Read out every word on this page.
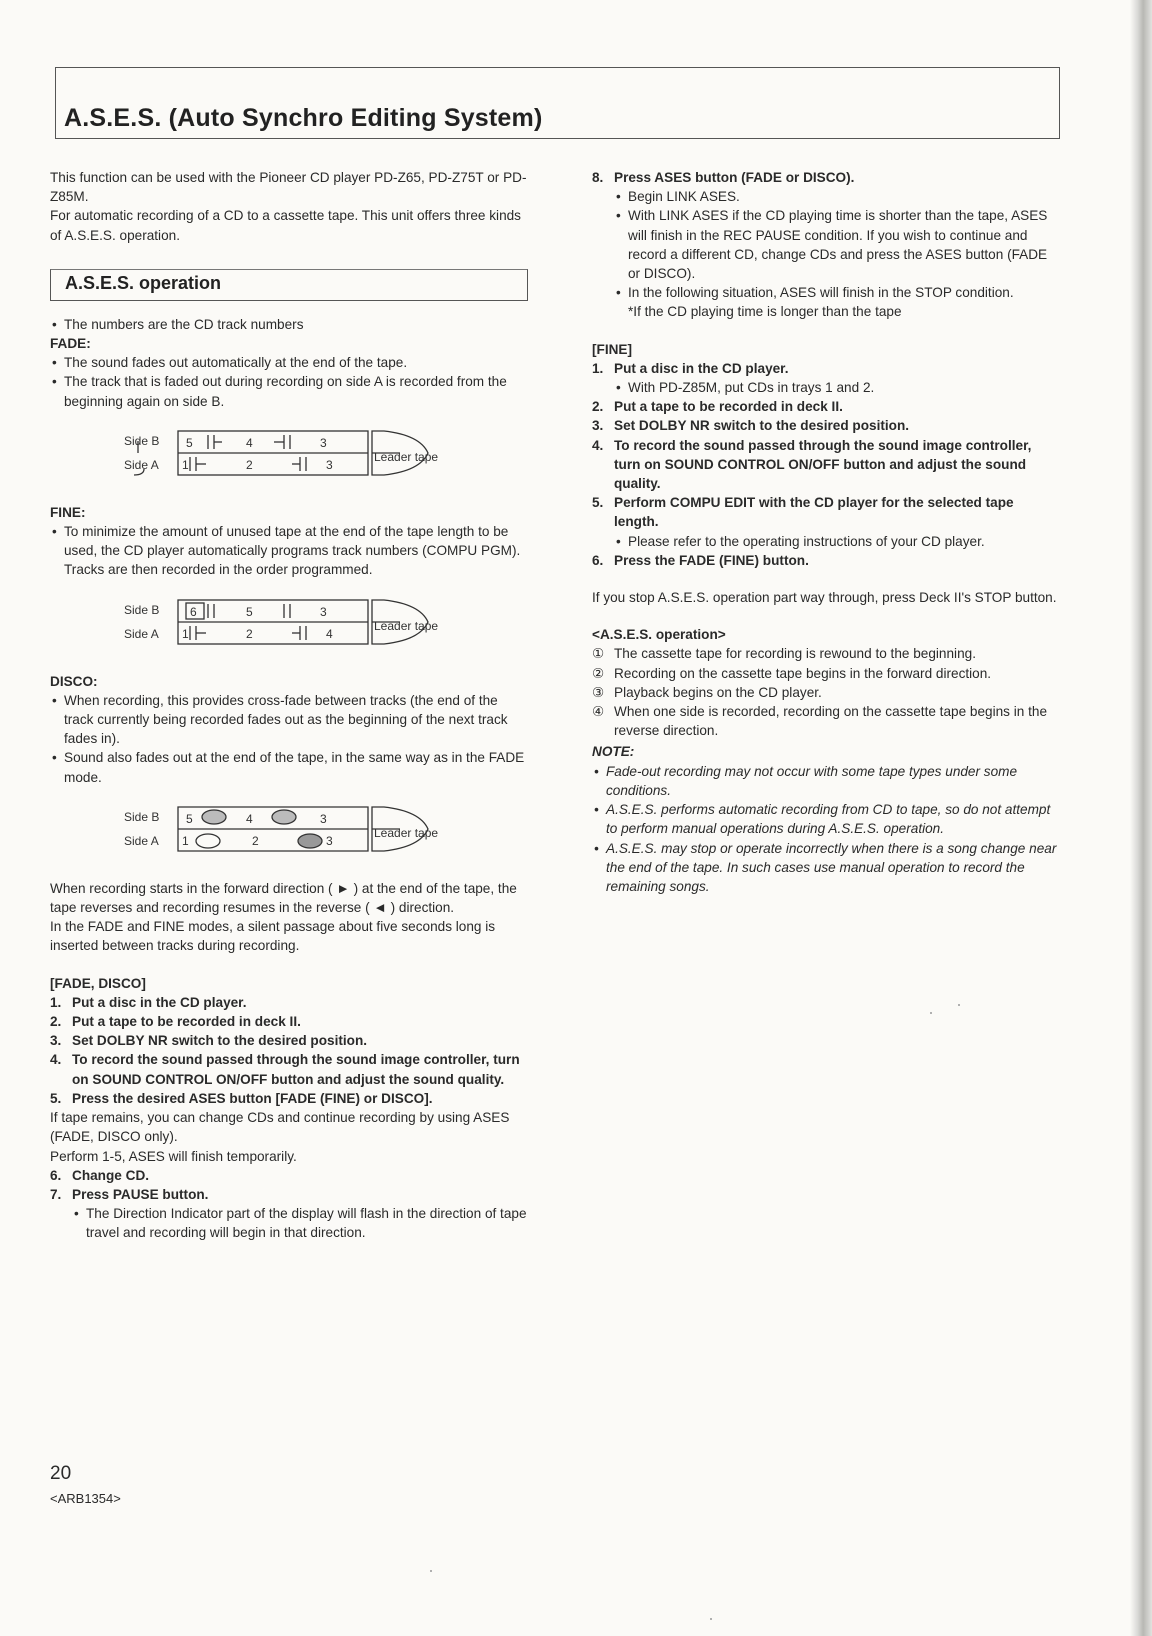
A.S.E.S. (Auto Synchro Editing System)

This function can be used with the Pioneer CD player PD-Z65, PD-Z75T or PD-Z85M.

For automatic recording of a CD to a cassette tape. This unit offers three kinds of A.S.E.S. operation.

A.S.E.S. operation
• The numbers are the CD track numbers

FADE:

• The sound fades out automatically at the end of the tape.
• The track that is faded out during recording on side A is recorded from the beginning again on side B.
Side B
Side A
5	4	3
1	2	3
Leader tape

FINE:

• To minimize the amount of unused tape at the end of the tape length to be used, the CD player automatically programs track numbers (COMPU PGM). Tracks are then recorded in the order programmed.
Side B
Side A
6	5	3
1	2	4
Leader tape

DISCO:

• When recording, this provides cross-fade between tracks (the end of the track currently being recorded fades out as the beginning of the next track fades in).
• Sound also fades out at the end of the tape, in the same way as in the FADE mode.
Side B
Side A
5	4	3
1	2	3
Leader tape

When recording starts in the forward direction ( ► ) at the end of the tape, the tape reverses and recording resumes in the reverse ( ◄ ) direction.

In the FADE and FINE modes, a silent passage about five seconds long is inserted between tracks during recording.

[FADE, DISCO]

1. Put a disc in the CD player.
2. Put a tape to be recorded in deck II.
3. Set DOLBY NR switch to the desired position.
4. To record the sound passed through the sound image controller, turn on SOUND CONTROL ON/OFF button and adjust the sound quality.
5. Press the desired ASES button [FADE (FINE) or DISCO].

If tape remains, you can change CDs and continue recording by using ASES (FADE, DISCO only).

Perform 1-5, ASES will finish temporarily.

6. Change CD.
7. Press PAUSE button.
• The Direction Indicator part of the display will flash in the direction of tape travel and recording will begin in that direction.
8. Press ASES button (FADE or DISCO).
• Begin LINK ASES.
• With LINK ASES if the CD playing time is shorter than the tape, ASES will finish in the REC PAUSE condition. If you wish to continue and record a different CD, change CDs and press the ASES button (FADE or DISCO).
• In the following situation, ASES will finish in the STOP condition.

*If the CD playing time is longer than the tape

[FINE]

1. Put a disc in the CD player.
• With PD-Z85M, put CDs in trays 1 and 2.
2. Put a tape to be recorded in deck II.
3. Set DOLBY NR switch to the desired position.
4. To record the sound passed through the sound image controller, turn on SOUND CONTROL ON/OFF button and adjust the sound quality.
5. Perform COMPU EDIT with the CD player for the selected tape length.
• Please refer to the operating instructions of your CD player.
6. Press the FADE (FINE) button.

If you stop A.S.E.S. operation part way through, press Deck II's STOP button.

<A.S.E.S. operation>

① The cassette tape for recording is rewound to the beginning.
② Recording on the cassette tape begins in the forward direction.
③ Playback begins on the CD player.
④ When one side is recorded, recording on the cassette tape begins in the reverse direction.

NOTE:

• Fade-out recording may not occur with some tape types under some conditions.
• A.S.E.S. performs automatic recording from CD to tape, so do not attempt to perform manual operations during A.S.E.S. operation.
• A.S.E.S. may stop or operate incorrectly when there is a song change near the end of the tape. In such cases use manual operation to record the remaining songs.
20
<ARB1354>
